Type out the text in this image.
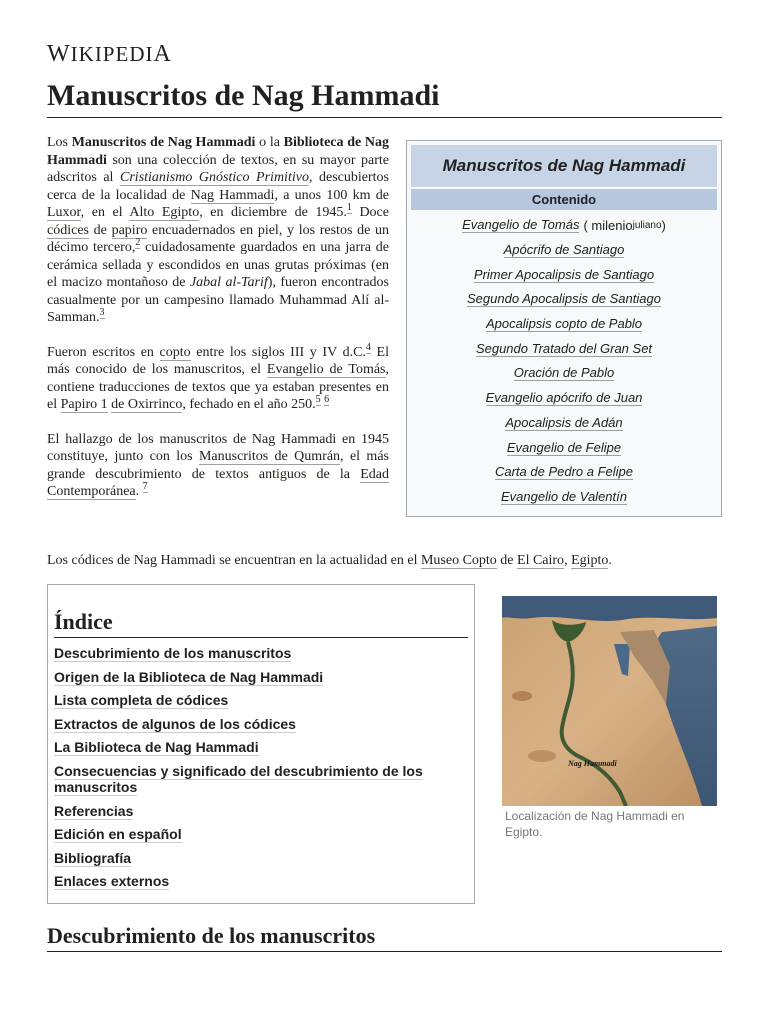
WIKIPEDIA
Manuscritos de Nag Hammadi

Los Manuscritos de Nag Hammadi o la Biblioteca de Nag Hammadi son una colección de textos, en su mayor parte adscritos al Cristianismo Gnóstico Primitivo, descubiertos cerca de la localidad de Nag Hammadi, a unos 100 km de Luxor, en el Alto Egipto, en diciembre de 1945.$^1$ Doce códices de papiro encuadernados en piel, y los restos de un décimo tercero,$^2$ cuidadosamente guardados en una jarra de cerámica sellada y escondidos en unas grutas próximas (en el macizo montañoso de Jabal al-Tarif), fueron encontrados casualmente por un campesino llamado Muhammad Alí al-Samman.$^3$

Fueron escritos en copto entre los siglos III y IV d.C.$^4$ El más conocido de los manuscritos, el Evangelio de Tomás, contiene traducciones de textos que ya estaban presentes en el Papiro 1 de Oxirrinco, fechado en el año 250.$^5$ $^6$

El hallazgo de los manuscritos de Nag Hammadi en 1945 constituye, junto con los Manuscritos de Qumrán, el más grande descubrimiento de textos antiguos de la Edad Contemporánea. $^7$

Los códices de Nag Hammadi se encuentran en la actualidad en el Museo Copto de El Cairo, Egipto.
Manuscritos de Nag Hammadi
Contenido
Evangelio de Tomás ( milenio juliano )
Apócrifo de Santiago
Primer Apocalipsis de Santiago
Segundo Apocalipsis de Santiago
Apocalipsis copto de Pablo
Segundo Tratado del Gran Set
Oración de Pablo
Evangelio apócrifo de Juan
Apocalipsis de Adán
Evangelio de Felipe
Carta de Pedro a Felipe
Evangelio de Valentín
Índice
Descubrimiento de los manuscritos
Origen de la Biblioteca de Nag Hammadi
Lista completa de códices
Extractos de algunos de los códices
La Biblioteca de Nag Hammadi
Consecuencias y significado del descubrimiento de los manuscritos
Referencias
Edición en español
Bibliografía
Enlaces externos
Nag Hammadi
Localización de Nag Hammadi en Egipto.
Descubrimiento de los manuscritos
